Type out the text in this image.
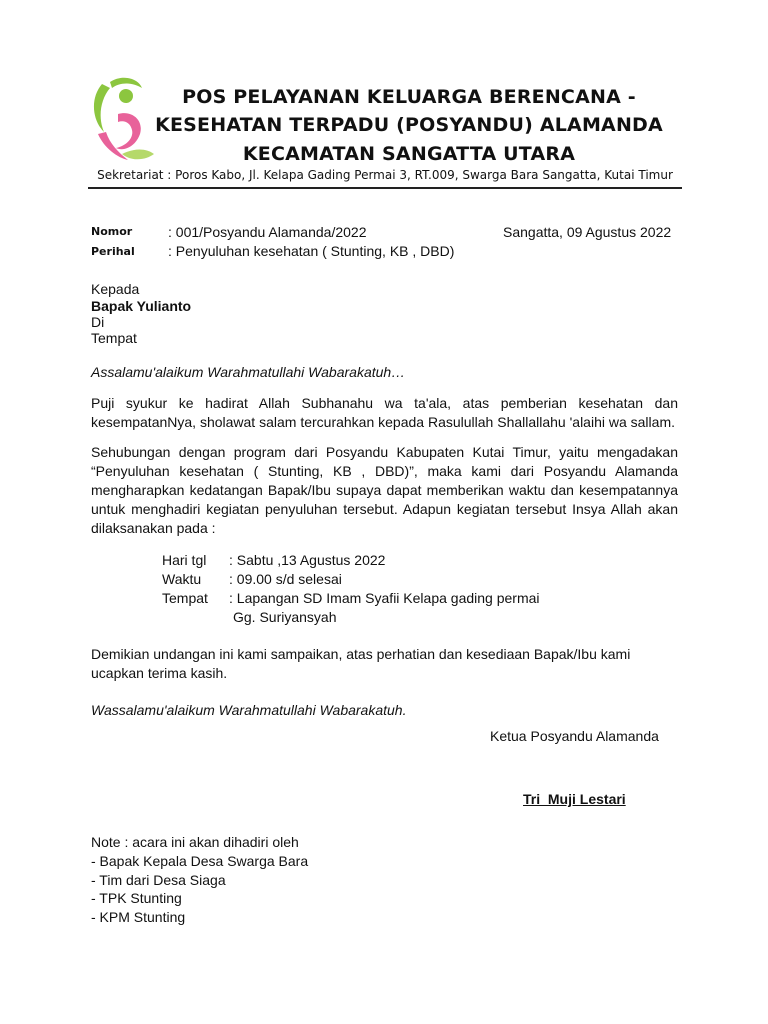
POS PELAYANAN KELUARGA BERENCANA -
KESEHATAN TERPADU (POSYANDU) ALAMANDA
KECAMATAN SANGATTA UTARA
Sekretariat : Poros Kabo, Jl. Kelapa Gading Permai 3, RT.009, Swarga Bara Sangatta, Kutai Timur
Nomor	: 001/Posyandu Alamanda/2022	Sangatta, 09 Agustus 2022
Perihal : Penyuluhan kesehatan ( Stunting, KB , DBD)
Kepada
Bapak Yulianto
Di
Tempat
Assalamu'alaikum Warahmatullahi Wabarakatuh…
Puji syukur ke hadirat Allah Subhanahu wa ta'ala, atas pemberian kesehatan dan kesempatanNya, sholawat salam tercurahkan kepada Rasulullah Shallallahu 'alaihi wa sallam.
Sehubungan dengan program dari Posyandu Kabupaten Kutai Timur, yaitu mengadakan “Penyuluhan kesehatan ( Stunting, KB , DBD)”, maka kami dari Posyandu Alamanda mengharapkan kedatangan Bapak/Ibu supaya dapat memberikan waktu dan kesempatannya untuk menghadiri kegiatan penyuluhan tersebut. Adapun kegiatan tersebut Insya Allah akan dilaksanakan pada :
Hari tgl : Sabtu ,13 Agustus 2022
Waktu : 09.00 s/d selesai
Tempat : Lapangan SD Imam Syafii Kelapa gading permai
Gg. Suriyansyah
Demikian undangan ini kami sampaikan, atas perhatian dan kesediaan Bapak/Ibu kami ucapkan terima kasih.
Wassalamu'alaikum Warahmatullahi Wabarakatuh.
Ketua Posyandu Alamanda
Tri  Muji Lestari
Note : acara ini akan dihadiri oleh
- Bapak Kepala Desa Swarga Bara
- Tim dari Desa Siaga
- TPK Stunting
- KPM Stunting
